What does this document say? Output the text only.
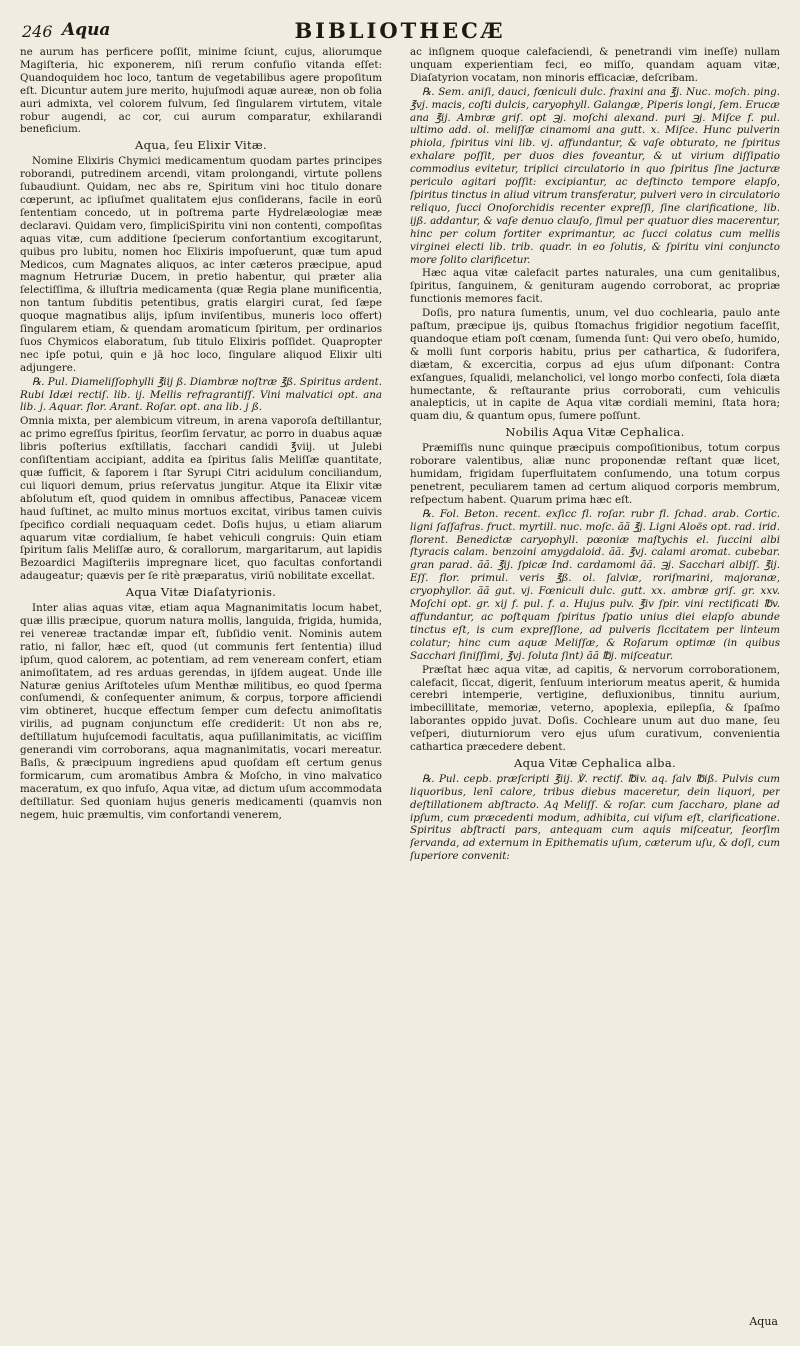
246 Aqua	BIBLIOTHECÆ

ne aurum has perficere poſſit, minime ſciunt, cujus, aliorumque Magiſteria, hic exponerem, niſi rerum confuſio vitanda eſſet: Quandoquidem hoc loco, tantum de vegetabilibus agere propoſitum eſt. Dicuntur autem jure merito, hujuſmodi aquæ aureæ, non ob folia auri admixta, vel colorem fulvum, ſed ſingularem virtutem, vitale robur augendi, ac cor, cui aurum comparatur, exhilarandi beneficium.

Aqua, ſeu Elixir Vitæ.

Nomine Elixiris Chymici medicamentum quodam partes principes roborandi, putredinem arcendi, vitam prolongandi, virtute pollens ſubaudiunt. Quidam, nec abs re, Spiritum vini hoc titulo donare cœperunt, ac ipſiuſmet qualitatem ejus conſiderans, facile in eorū ſententiam concedo, ut in poſtrema parte Hydrelæologiæ meæ declaravi. Quidam vero, ſimpliciSpiritu vini non contenti, compoſitas aquas vitæ, cum additione ſpecierum confortantium excogitarunt, quibus pro lubitu, nomen hoc Elixiris impoſuerunt, quæ tum apud Medicos, cum Magnates aliquos, ac inter cæteros præcipue, apud magnum Hetruriæ Ducem, in pretio habentur, qui præter alia ſelectiſſima, & illuſtria medicamenta (quæ Regia plane munificentia, non tantum ſubditis petentibus, gratis elargiri curat, ſed ſæpe quoque magnatibus alijs, ipſum inviſentibus, muneris loco offert) ſingularem etiam, & quendam aromaticum ſpiritum, per ordinarios ſuos Chymicos elaboratum, ſub titulo Elixiris poſſidet. Quapropter nec ipſe potui, quin e jā hoc loco, ſingulare aliquod Elixir ulti adjungere.

℞. Pul. Diameliſſophylli ℥iij ß. Diambræ noſtræ ℥ß. Spiritus ardent. Rubi Idæi rectiſ. lib. ij. Mellis refragrantiſſ. Vini malvatici opt. ana lib. j. Aquar. flor. Arant. Roſar. opt. ana lib. j ß.

Omnia mixta, per alembicum vitreum, in arena vaporoſa deſtillantur, ac primo egreſſus ſpiritus, ſeorſim ſervatur, ac porro in duabus aquæ libris poſterius exſtillatis, ſacchari candidi ℥viij. ut Julebi conſiſtentiam accipiant, addita ea ſpiritus ſalis Meliſſæ quantitate, quæ ſufficit, & ſaporem i ſtar Syrupi Citri acidulum conciliandum, cui liquori demum, prius reſervatus jungitur. Atque ita Elixir vitæ abſolutum eſt, quod quidem in omnibus affectibus, Panaceæ vicem haud ſuſtinet, ac multo minus mortuos excitat, viribus tamen cuivis ſpecifico cordiali nequaquam cedet. Doſis hujus, u etiam aliarum aquarum vitæ cordialium, ſe habet vehiculi congruis: Quin etiam ſpiritum ſalis Meliſſæ auro, & corallorum, margaritarum, aut lapidis Bezoardici Magiſteriis impregnare licet, quo facultas confortandi adaugeatur; quævis per ſe ritè præparatus, viriū nobilitate excellat.

Aqua Vitæ Diaſatyrionis.

Inter alias aquas vitæ, etiam aqua Magnanimitatis locum habet, quæ illis præcipue, quorum natura mollis, languida, frigida, humida, rei venereæ tractandæ impar eſt, ſubſidio venit. Nominis autem ratio, ni fallor, hæc eſt, quod (ut communis fert ſententia) illud ipſum, quod calorem, ac potentiam, ad rem veneream confert, etiam animoſitatem, ad res arduas gerendas, in ijſdem augeat. Unde ille Naturæ genius Ariſtoteles uſum Menthæ militibus, eo quod ſperma conſumendi, & conſequenter animum, & corpus, torpore afficiendi vim obtineret, hucque effectum ſemper cum defectu animoſitatis virilis, ad pugnam conjunctum eſſe crediderit: Ut non abs re, deſtillatum hujuſcemodi facultatis, aqua puſillanimitatis, ac viciſſim generandi vim corroborans, aqua magnanimitatis, vocari mereatur. Baſis, & præcipuum ingrediens apud quoſdam eſt certum genus formicarum, cum aromatibus Ambra & Moſcho, in vino malvatico maceratum, ex quo infuſo, Aqua vitæ, ad dictum uſum accommodata deſtillatur. Sed quoniam hujus generis medicamenti (quamvis non negem, huic præmultis, vim confortandi venerem,

ac inſignem quoque calefaciendi, & penetrandi vim ineſſe) nullam unquam experientiam feci, eo miſſo, quandam aquam vitæ, Diaſatyrion vocatam, non minoris efficaciæ, deſcribam.

℞. Sem. aniſi, dauci, fœniculi dulc. fraxini ana ℥j. Nuc. moſch. ping. ℥vj. macis, coſti dulcis, caryophyll. Galangæ, Piperis longi, ſem. Erucæ ana ℥ij. Ambræ griſ. opt ℈j. moſchi alexand. puri ℈j. Miſce f. pul. ultimo add. ol. meliſſæ cinamomi ana gutt. x. Miſce. Hunc pulverin phiola, ſpiritus vini lib. vj. affundantur, & vaſe obturato, ne ſpiritus exhalare poſſit, per duos dies foveantur, & ut virium diſſipatio commodius evitetur, triplici circulatorio in quo ſpiritus ſine jacturæ periculo agitari poſſit: excipiantur, ac deſtincto tempore elapſo, ſpiritus tinctus in aliud vitrum transferatur, pulveri vero in circulatorio reliquo, ſucci Onoſorchidis recenter expreſſi, ſine clarificatione, lib. ijß. addantur, & vaſe denuo clauſo, ſimul per quatuor dies macerentur, hinc per colum fortiter exprimantur, ac ſucci colatus cum mellis virginei electi lib. trib. quadr. in eo ſolutis, & ſpiritu vini conjuncto more ſolito clarificetur.

Hæc aqua vitæ calefacit partes naturales, una cum genitalibus, ſpiritus, ſanguinem, & genituram augendo corroborat, ac propriæ functionis memores facit.

Doſis, pro natura ſumentis, unum, vel duo cochlearia, paulo ante paſtum, præcipue ijs, quibus ſtomachus frigidior negotium faceſſit, quandoque etiam poſt cœnam, ſumenda ſunt: Qui vero obeſo, humido, & molli ſunt corporis habitu, prius per cathartica, & ſudorifera, diætam, & excercitia, corpus ad ejus uſum diſponant: Contra exſangues, ſqualidi, melancholici, vel longo morbo confecti, ſola diæta humectante, & reſtaurante prius corroborati, cum vehiculis analepticis, ut in capite de Aqua vitæ cordiali memini, ſtata hora; quam diu, & quantum opus, ſumere poſſunt.

Nobilis Aqua Vitæ Cephalica.

Præmiſſis nunc quinque præcipuis compoſitionibus, totum corpus roborare valentibus, aliæ nunc proponendæ reſtant quæ licet, humidam, frigidam ſuperfluitatem conſumendo, una totum corpus penetrent, peculiarem tamen ad certum aliquod corporis membrum, reſpectum habent. Quarum prima hæc eſt.

℞. Fol. Beton. recent. exſicc fl. roſar. rubr fl. ſchad. arab. Cortic. ligni ſaſſafras. fruct. myrtill. nuc. moſc. ãã ℥j. Ligni Aloës opt. rad. irid. florent. Benedictæ caryophyll. pœoniæ maſtychis el. ſuccini albi ſtyracis calam. benzoini amygdaloid. ãã. ℥vj. calami aromat. cubebar. gran parad. ãã. ℥ij. ſpicæ Ind. cardamomi ãã. ℈j. Sacchari albiſſ. ℥ij. Eſſ. flor. primul. veris ℥ß. ol. ſalviæ, roriſmarini, majoranæ, cryophyllor. ãã gut. vj. Fœniculi dulc. gutt. xx. ambræ griſ. gr. xxv. Moſchi opt. gr. xij f. pul. f. a. Hujus pulv. ℥iv ſpir. vini rectificati ℔v. affundantur, ac poſtquam ſpiritus ſpatio unius diei elapſo abunde tinctus eſt, is cum expreſſione, ad pulveris ſiccitatem per linteum colatur; hinc cum aquæ Meliſſæ, & Roſarum optimæ (in quibus Sacchari ſiniſſimi, ℥vj. ſoluta ſint) ãã ℔j. miſceatur.

Præſtat hæc aqua vitæ, ad capitis, & nervorum corroborationem, calefacit, ſiccat, digerit, ſenſuum interiorum meatus aperit, & humida cerebri intemperie, vertigine, defluxionibus, tinnitu aurium, imbecillitate, memoriæ, veterno, apoplexia, epilepſia, & ſpaſmo laborantes oppido juvat. Doſis. Cochleare unum aut duo mane, ſeu veſperi, diuturniorum vero ejus uſum curativum, convenientia cathartica præcedere debent.

Aqua Vitæ Cephalica alba.

℞. Pul. cepb. præſcripti ℥iij. ℣. rectif. ℔iv. aq. ſalv ℔iß. Pulvis cum liquoribus, lenī calore, tribus diebus maceretur, dein liquori, per deſtillationem abſtracto. Aq Meliſſ. & roſar. cum ſaccharo, plane ad ipſum, cum præcedenti modum, adhibita, cui viſum eſt, clarificatione. Spiritus abſtracti pars, antequam cum aquis miſceatur, ſeorſim ſervanda, ad externum in Epithematis uſum, cæterum uſu, & doſi, cum ſuperiore convenit:

Aqua
